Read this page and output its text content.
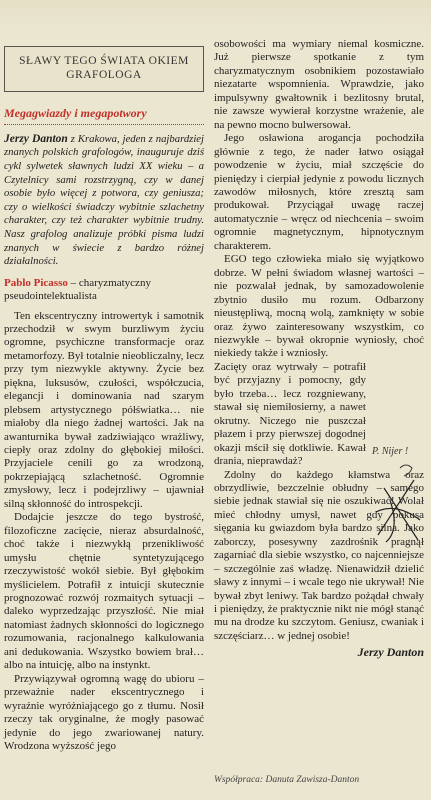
SŁAWY TEGO ŚWIATA OKIEM
GRAFOLOGA
Megagwiazdy i megapotwory

Jerzy Danton z Krakowa, jeden z najbardziej znanych polskich grafologów, inauguruje dziś cykl sylwetek sławnych ludzi XX wieku – a Czytelnicy sami rozstrzygną, czy w danej osobie było więcej z potwora, czy geniusza; czy o wielkości świadczy wybitnie szlachetny charakter, czy też charakter wybitnie trudny. Nasz grafolog analizuje próbki pisma ludzi znanych w świecie z bardzo różnej działalności.

Pablo Picasso – charyzmatyczny pseudointelektualista

Ten ekscentryczny introwertyk i samotnik przechodził w swym burzliwym życiu ogromne, psychiczne transformacje oraz metamorfozy. Był totalnie nieobliczalny, lecz przy tym niezwykle aktywny. Życie bez piękna, luksusów, czułości, współczucia, elegancji i dominowania nad szarym plebsem artystycznego półświatka… nie miałoby dla niego żadnej wartości. Jak na awanturnika bywał zadziwiająco wrażliwy, ciepły oraz zdolny do głębokiej miłości. Przyjaciele cenili go za wrodzoną, pokrzepiającą szlachetność. Ogromnie zmysłowy, lecz i podejrzliwy – ujawniał silną skłonność do introspekcji.

Dodajcie jeszcze do tego bystrość, filozoficzne zacięcie, nieraz absurdalność, choć także i niezwykłą przenikliwość umysłu chętnie syntetyzującego rzeczywistość wokół siebie. Był głębokim myślicielem. Potrafił z intuicji skutecznie prognozować rozwój rozmaitych sytuacji – daleko wyprzedzając przyszłość. Nie miał natomiast żadnych skłonności do logicznego rozumowania, racjonalnego kalkulowania ani dedukowania. Wszystko bowiem brał… albo na intuicję, albo na instynkt.

Przywiązywał ogromną wagę do ubioru – przeważnie nader ekscentrycznego i wyraźnie wyróżniającego go z tłumu. Nosił rzeczy tak oryginalne, że mogły pasować jedynie do jego zwariowanej natury. Wrodzona wyższość jego

osobowości ma wymiary niemal kosmiczne. Już pierwsze spotkanie z tym charyzmatycznym osobnikiem pozostawiało niezatarte wspomnienia. Wprawdzie, jako impulsywny gwałtownik i bezlitosny brutal, nie zawsze wywierał korzystne wrażenie, ale na pewno mocno bulwersował.

Jego osławiona arogancja pochodziła głównie z tego, że nader łatwo osiągał powodzenie w życiu, miał szczęście do pieniędzy i cierpiał jedynie z powodu licznych zawodów miłosnych, które zresztą sam produkował. Przyciągał uwagę raczej automatycznie – wręcz od niechcenia – swoim ogromnie magnetycznym, hipnotycznym charakterem.

EGO tego człowieka miało się wyjątkowo dobrze. W pełni świadom własnej wartości – nie pozwalał jednak, by samozadowolenie zbytnio dusiło mu rozum. Odbarzony nieustępliwą, mocną wolą, zamknięty w sobie oraz żywo zainteresowany wszystkim, co niezwykłe – bywał okropnie wyniosły, choć niekiedy także i wzniosły.

Zacięty oraz wytrwały – potrafił być przyjazny i pomocny, gdy było trzeba… lecz rozgniewany, stawał się niemiłosierny, a nawet okrutny. Niczego nie puszczał płazem i przy pierwszej dogodnej okazji mścił się dotkliwie. Kawał drania, nieprawdaż?

Zdolny do każdego kłamstwa oraz obrzydliwie, bezczelnie obłudny – samego siebie jednak stawiał się nie oszukiwać! Wolał mieć chłodny umysł, nawet gdy pokusa sięgania ku gwiazdom była bardzo silna. Jako zaborczy, posesywny zazdrośnik pragnął zagarniać dla siebie wszystko, co najcenniejsze – szczególnie zaś władzę. Nienawidził dzielić sławy z innymi – i wcale tego nie ukrywał! Nie bywał zbyt leniwy. Tak bardzo pożądał chwały i pieniędzy, że praktycznie nikt nie mógł stanąć mu na drodze ku szczytom. Geniusz, cwaniak i szczęściarz… w jednej osobie!

Jerzy Danton
P. Nijer !
Współpraca: Danuta Zawisza-Danton
